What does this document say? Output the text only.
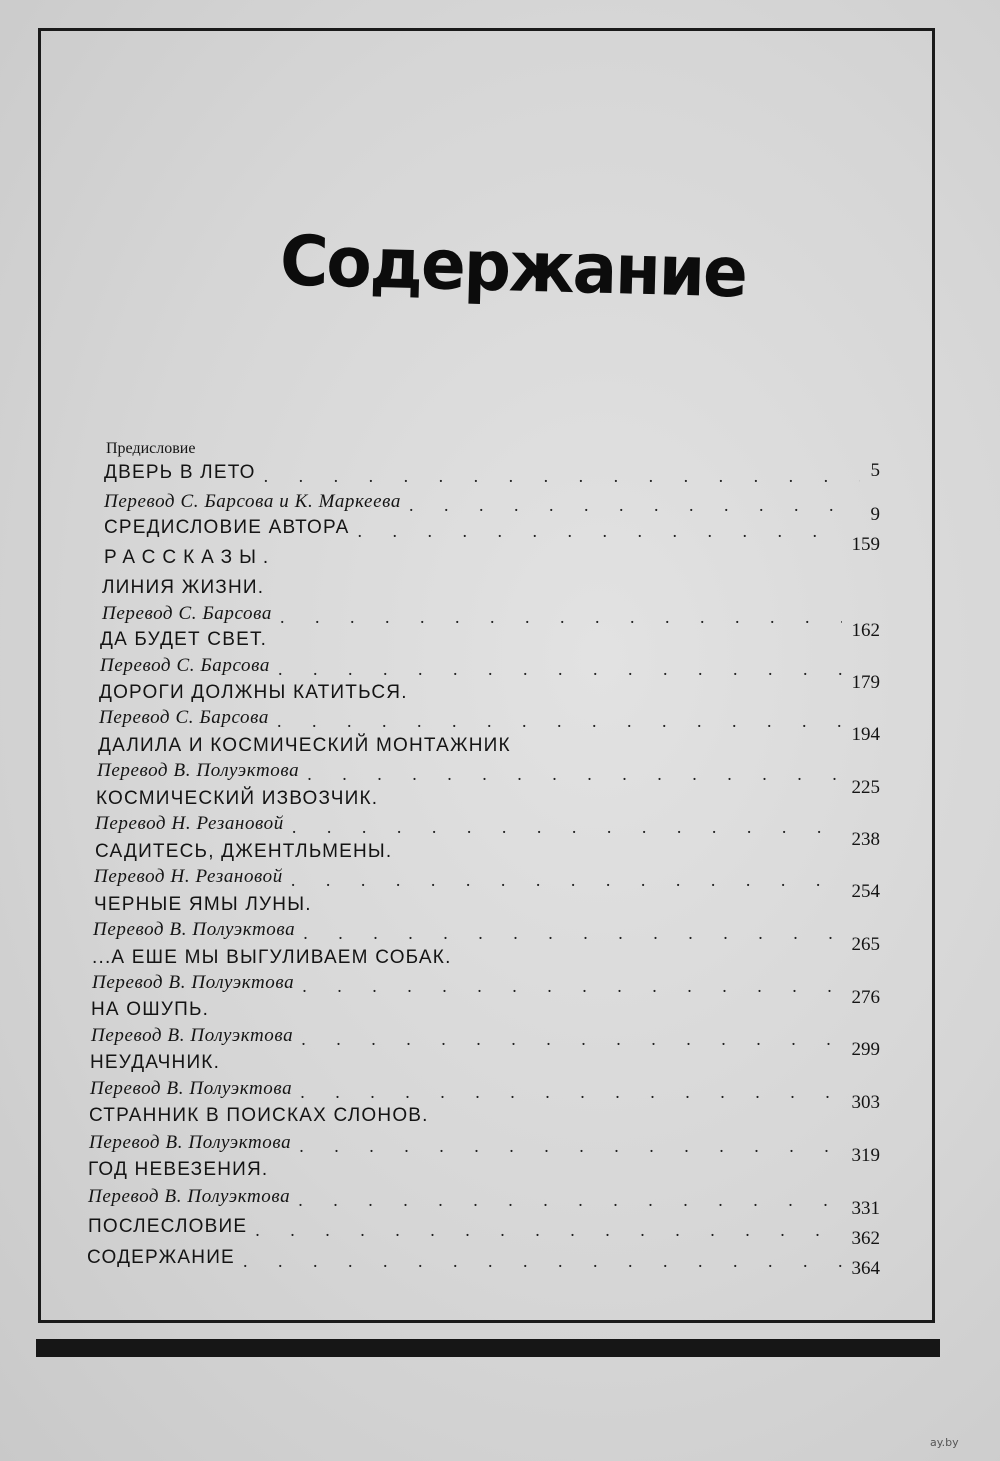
Содержание
Предисловие
ДВЕРЬ В ЛЕТО
. . .	5
Перевод С. Барсова и К. Маркеева
. . .
9
СРЕДИСЛОВИЕ АВТОРА
. . .
159
РАССКАЗЫ.
ЛИНИЯ ЖИЗНИ.
Перевод С. Барсова
. . .
162
ДА БУДЕТ СВЕТ.
Перевод С. Барсова
. . .
179
ДОРОГИ ДОЛЖНЫ КАТИТЬСЯ.
Перевод С. Барсова
. . .
194
ДАЛИЛА И КОСМИЧЕСКИЙ МОНТАЖНИК
Перевод В. Полуэктова
. . .
225
КОСМИЧЕСКИЙ ИЗВОЗЧИК.
Перевод Н. Резановой
. . .
238
САДИТЕСЬ, ДЖЕНТЛЬМЕНЫ.
Перевод Н. Резановой
. . .
254
ЧЕРНЫЕ ЯМЫ ЛУНЫ.
Перевод В. Полуэктова
. . .
265
...А ЕШЕ МЫ ВЫГУЛИВАЕМ СОБАК.
Перевод В. Полуэктова
. . .
276
НА ОШУПЬ.
Перевод В. Полуэктова
. . .
299
НЕУДАЧНИК.
Перевод В. Полуэктова
. . .
303
СТРАННИК В ПОИСКАХ СЛОНОВ.
Перевод В. Полуэктова
. . .
319
ГОД НЕВЕЗЕНИЯ.
Перевод В. Полуэктова
. . .
331
ПОСЛЕСЛОВИЕ
. . .
362
СОДЕРЖАНИЕ
. . .
364
ay.by
